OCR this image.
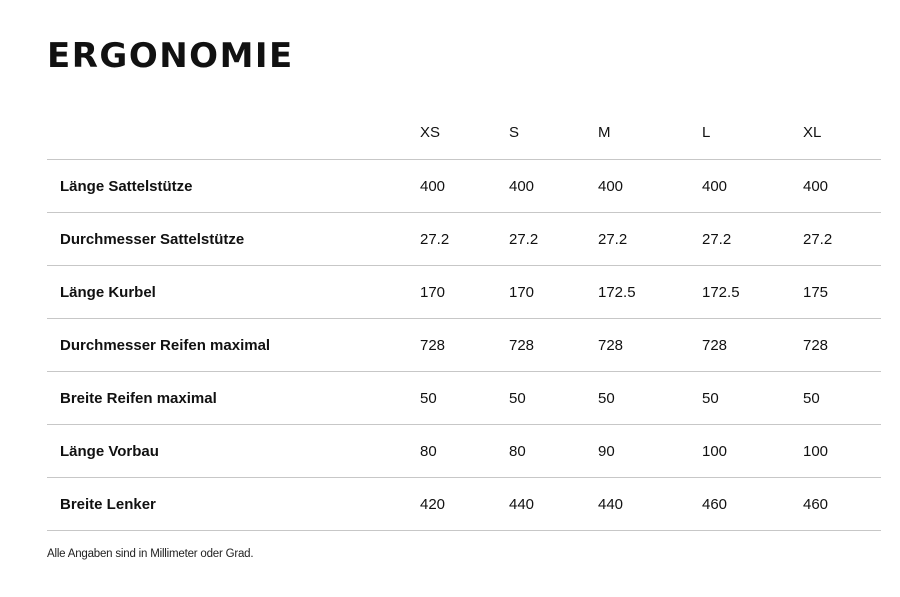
ERGONOMIE
	XS	S	M	L	XL
Länge Sattelstütze	400	400	400	400	400
Durchmesser Sattelstütze	27.2	27.2	27.2	27.2	27.2
Länge Kurbel	170	170	172.5	172.5	175
Durchmesser Reifen maximal	728	728	728	728	728
Breite Reifen maximal	50	50	50	50	50
Länge Vorbau	80	80	90	100	100
Breite Lenker	420	440	440	460	460

Alle Angaben sind in Millimeter oder Grad.
